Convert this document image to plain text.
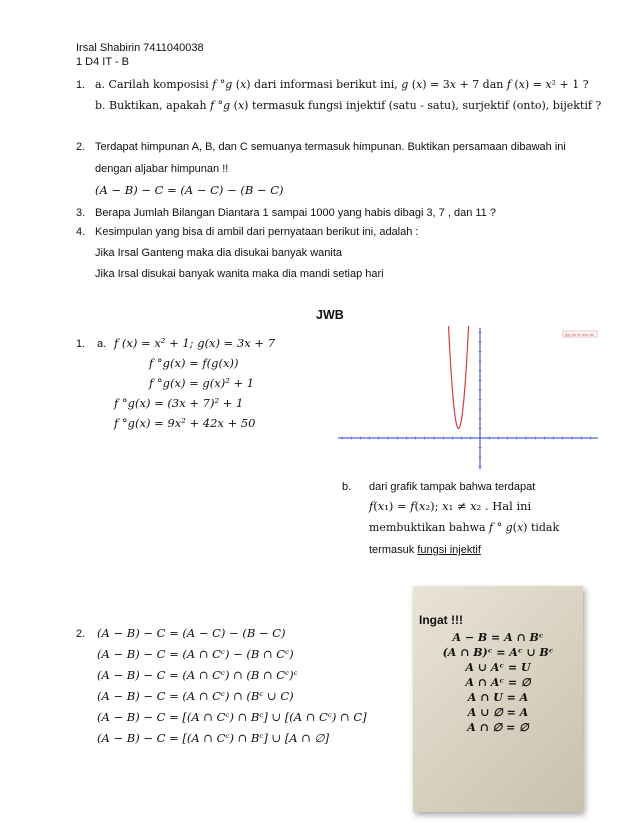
Irsal Shabirin 7411040038
1 D4 IT - B
1. a. Carilah komposisi 𝑓 °𝑔 (𝑥) dari informasi berikut ini, 𝑔 (𝑥) = 3𝑥 + 7 dan 𝑓 (𝑥) = 𝑥² + 1 ?
b. Buktikan, apakah 𝑓 °𝑔 (𝑥) termasuk fungsi injektif (satu - satu), surjektif (onto), bijektif ?
2. Terdapat himpunan A, B, dan C semuanya termasuk himpunan. Buktikan persamaan dibawah ini
dengan aljabar himpunan !!
(𝐴 − 𝐵) − 𝐶 = (𝐴 − 𝐶) − (𝐵 − 𝐶)
3. Berapa Jumlah Bilangan Diantara 1 sampai 1000 yang habis dibagi 3, 7 , dan 11 ?
4. Kesimpulan yang bisa di ambil dari pernyataan berikut ini, adalah :
Jika Irsal Ganteng maka dia disukai banyak wanita
Jika Irsal disukai banyak wanita maka dia mandi setiap hari
JWB
1. a. 𝑓 (𝑥) = 𝑥² + 1; 𝑔(𝑥) = 3𝑥 + 7
𝑓 °𝑔(𝑥) = 𝑓(𝑔(𝑥))
𝑓 °𝑔(𝑥) = 𝑔(𝑥)² + 1
𝑓 °𝑔(𝑥) = (3𝑥 + 7)² + 1
𝑓 °𝑔(𝑥) = 9𝑥² + 42𝑥 + 50
f(x)=9x^2+42x+50
b. dari grafik tampak bahwa terdapat
𝑓(𝑥₁) = 𝑓(𝑥₂); 𝑥₁ ≠ 𝑥₂ . Hal ini
membuktikan bahwa 𝑓 ° 𝑔(𝑥) tidak
termasuk fungsi injektif
2. (𝐴 − 𝐵) − 𝐶 = (𝐴 − 𝐶) − (𝐵 − 𝐶)
(𝐴 − 𝐵) − 𝐶 = (𝐴 ∩ 𝐶ᶜ) − (𝐵 ∩ 𝐶ᶜ)
(𝐴 − 𝐵) − 𝐶 = (𝐴 ∩ 𝐶ᶜ) ∩ (𝐵 ∩ 𝐶ᶜ)ᶜ
(𝐴 − 𝐵) − 𝐶 = (𝐴 ∩ 𝐶ᶜ) ∩ (𝐵ᶜ ∪ 𝐶)
(𝐴 − 𝐵) − 𝐶 = [(𝐴 ∩ 𝐶ᶜ) ∩ 𝐵ᶜ] ∪ [(𝐴 ∩ 𝐶ᶜ) ∩ 𝐶]
(𝐴 − 𝐵) − 𝐶 = [(𝐴 ∩ 𝐶ᶜ) ∩ 𝐵ᶜ] ∪ [𝐴 ∩ ∅]
Ingat !!!
𝑨 − 𝑩 = 𝑨 ∩ 𝑩ᶜ
(𝑨 ∩ 𝑩)ᶜ = 𝑨ᶜ ∪ 𝑩ᶜ
𝑨 ∪ 𝑨ᶜ = 𝑼
𝑨 ∩ 𝑨ᶜ = ∅
𝑨 ∩ 𝑼 = 𝑨
𝑨 ∪ ∅ = 𝑨
𝑨 ∩ ∅ = ∅
